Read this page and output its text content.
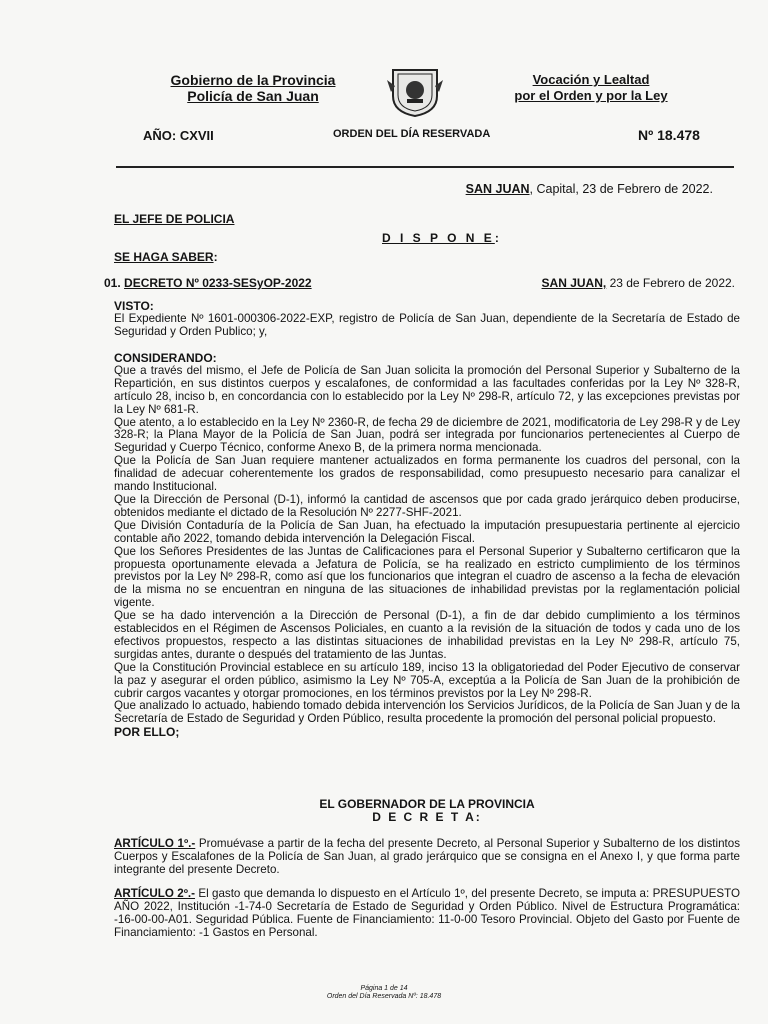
Gobierno de la Provincia
Policía de San Juan
Vocación y Lealtad
por el Orden y por la Ley
AÑO: CXVII	ORDEN DEL DÍA RESERVADA	Nº 18.478
SAN JUAN, Capital, 23 de Febrero de 2022.
EL JEFE DE POLICIA
D I S P O N E:
SE HAGA SABER:
01. DECRETO Nº 0233-SESyOP-2022	SAN JUAN, 23 de Febrero de 2022.
VISTO:

El Expediente Nº 1601-000306-2022-EXP, registro de Policía de San Juan, dependiente de la Secretaría de Estado de Seguridad y Orden Publico; y,

CONSIDERANDO:

Que a través del mismo, el Jefe de Policía de San Juan solicita la promoción del Personal Superior y Subalterno de la Repartición, en sus distintos cuerpos y escalafones, de conformidad a las facultades conferidas por la Ley Nº 328-R, artículo 28, inciso b, en concordancia con lo establecido por la Ley Nº 298-R, artículo 72, y las excepciones previstas por la Ley Nº 681-R.

Que atento, a lo establecido en la Ley Nº 2360-R, de fecha 29 de diciembre de 2021, modificatoria de Ley 298-R y de Ley 328-R; la Plana Mayor de la Policía de San Juan, podrá ser integrada por funcionarios pertenecientes al Cuerpo de Seguridad y Cuerpo Técnico, conforme Anexo B, de la primera norma mencionada.

Que la Policía de San Juan requiere mantener actualizados en forma permanente los cuadros del personal, con la finalidad de adecuar coherentemente los grados de responsabilidad, como presupuesto necesario para canalizar el mando Institucional.

Que la Dirección de Personal (D-1), informó la cantidad de ascensos que por cada grado jerárquico deben producirse, obtenidos mediante el dictado de la Resolución Nº 2277-SHF-2021.

Que División Contaduría de la Policía de San Juan, ha efectuado la imputación presupuestaria pertinente al ejercicio contable año 2022, tomando debida intervención la Delegación Fiscal.

Que los Señores Presidentes de las Juntas de Calificaciones para el Personal Superior y Subalterno certificaron que la propuesta oportunamente elevada a Jefatura de Policía, se ha realizado en estricto cumplimiento de los términos previstos por la Ley Nº 298-R, como así que los funcionarios que integran el cuadro de ascenso a la fecha de elevación de la misma no se encuentran en ninguna de las situaciones de inhabilidad previstas por la reglamentación policial vigente.

Que se ha dado intervención a la Dirección de Personal (D-1), a fin de dar debido cumplimiento a los términos establecidos en el Régimen de Ascensos Policiales, en cuanto a la revisión de la situación de todos y cada uno de los efectivos propuestos, respecto a las distintas situaciones de inhabilidad previstas en la Ley Nº 298-R, artículo 75, surgidas antes, durante o después del tratamiento de las Juntas.

Que la Constitución Provincial establece en su artículo 189, inciso 13 la obligatoriedad del Poder Ejecutivo de conservar la paz y asegurar el orden público, asimismo la Ley Nº 705-A, exceptúa a la Policía de San Juan de la prohibición de cubrir cargos vacantes y otorgar promociones, en los términos previstos por la Ley Nº 298-R.

Que analizado lo actuado, habiendo tomado debida intervención los Servicios Jurídicos, de la Policía de San Juan y de la Secretaría de Estado de Seguridad y Orden Público, resulta procedente la promoción del personal policial propuesto.

POR ELLO;
EL GOBERNADOR DE LA PROVINCIA
D E C R E T A:

ARTÍCULO 1º.- Promuévase a partir de la fecha del presente Decreto, al Personal Superior y Subalterno de los distintos Cuerpos y Escalafones de la Policía de San Juan, al grado jerárquico que se consigna en el Anexo I, y que forma parte integrante del presente Decreto.

ARTÍCULO 2º.- El gasto que demanda lo dispuesto en el Artículo 1º, del presente Decreto, se imputa a: PRESUPUESTO AÑO 2022, Institución -1-74-0 Secretaría de Estado de Seguridad y Orden Público. Nivel de Estructura Programática: -16-00-00-A01. Seguridad Pública. Fuente de Financiamiento: 11-0-00 Tesoro Provincial. Objeto del Gasto por Fuente de Financiamiento: -1 Gastos en Personal.

Página 1 de 14
Orden del Día Reservada Nº: 18.478
